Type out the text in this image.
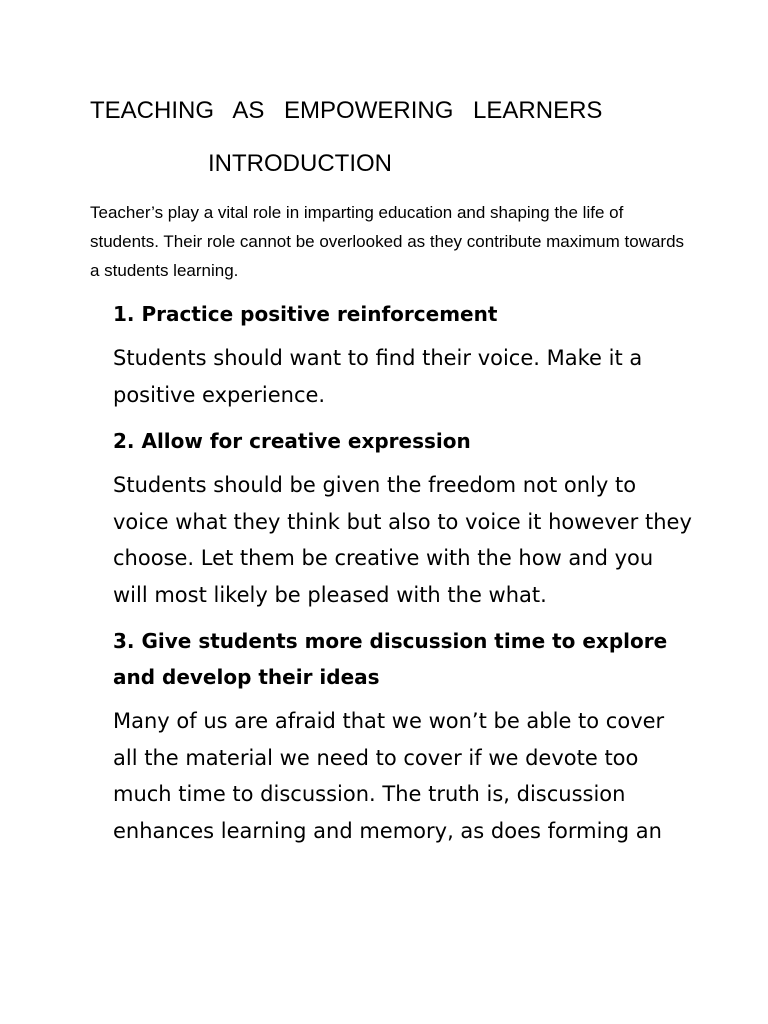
TEACHING AS EMPOWERING LEARNERS
INTRODUCTION

Teacher’s play a vital role in imparting education and shaping the life of students. Their role cannot be overlooked as they contribute maximum towards a students learning.

1. Practice positive reinforcement

Students should want to find their voice. Make it a positive experience.

2. Allow for creative expression

Students should be given the freedom not only to voice what they think but also to voice it however they choose. Let them be creative with the how and you will most likely be pleased with the what.

3. Give students more discussion time to explore and develop their ideas

Many of us are afraid that we won’t be able to cover all the material we need to cover if we devote too much time to discussion. The truth is, discussion enhances learning and memory, as does forming an
